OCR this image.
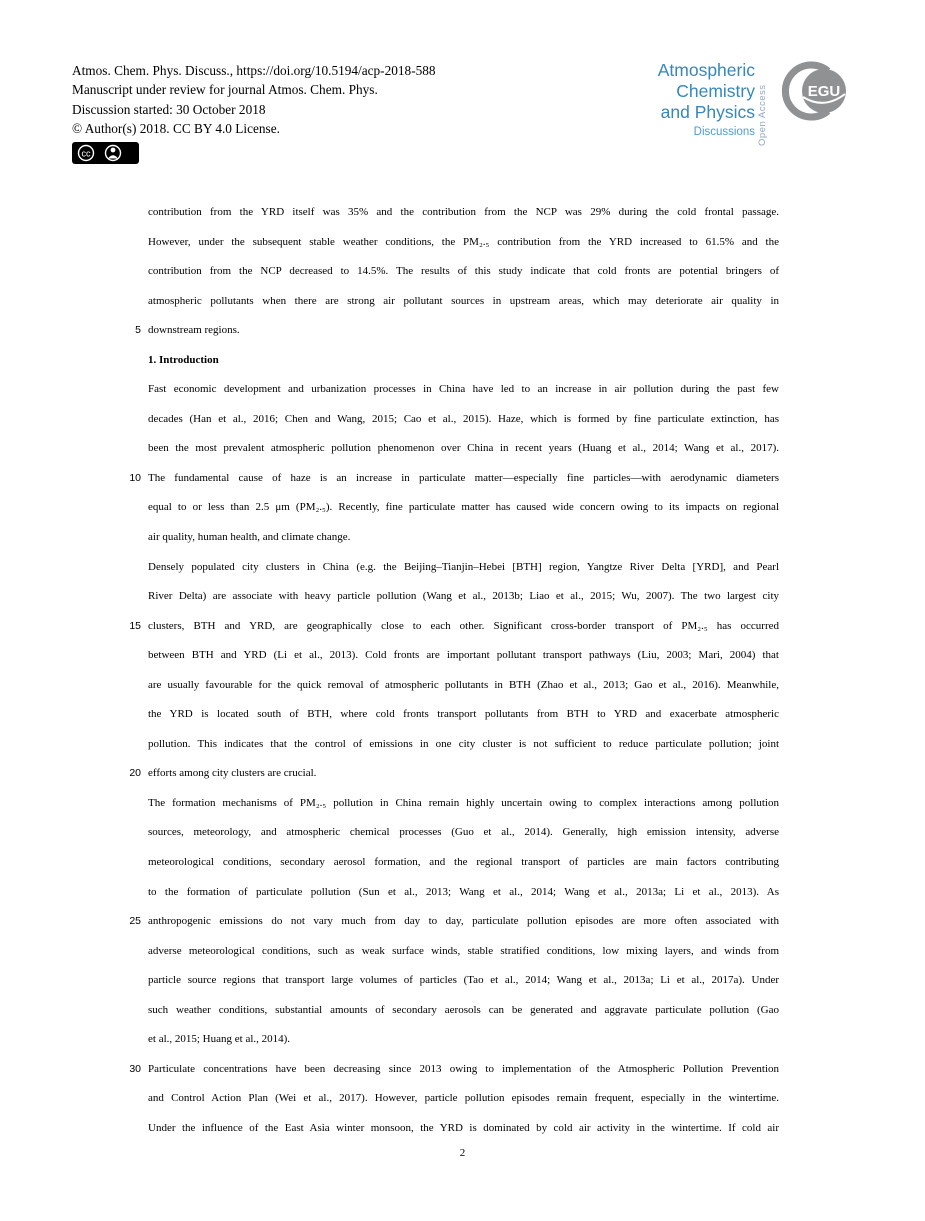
Atmos. Chem. Phys. Discuss., https://doi.org/10.5194/acp-2018-588
Manuscript under review for journal Atmos. Chem. Phys.
Discussion started: 30 October 2018
© Author(s) 2018. CC BY 4.0 License.
cc
Atmospheric
Chemistry
and Physics
Discussions Open Access	EGU
contribution from the YRD itself was 35% and the contribution from the NCP was 29% during the cold frontal passage.
However, under the subsequent stable weather conditions, the PM₂.₅ contribution from the YRD increased to 61.5% and the
contribution from the NCP decreased to 14.5%. The results of this study indicate that cold fronts are potential bringers of
atmospheric pollutants when there are strong air pollutant sources in upstream areas, which may deteriorate air quality in
5 downstream regions.
1. Introduction
Fast economic development and urbanization processes in China have led to an increase in air pollution during the past few
decades (Han et al., 2016; Chen and Wang, 2015; Cao et al., 2015). Haze, which is formed by fine particulate extinction, has
been the most prevalent atmospheric pollution phenomenon over China in recent years (Huang et al., 2014; Wang et al., 2017).
10 The fundamental cause of haze is an increase in particulate matter—especially fine particles—with aerodynamic diameters
equal to or less than 2.5 μm (PM₂.₅). Recently, fine particulate matter has caused wide concern owing to its impacts on regional
air quality, human health, and climate change.
Densely populated city clusters in China (e.g. the Beijing–Tianjin–Hebei [BTH] region, Yangtze River Delta [YRD], and Pearl
River Delta) are associate with heavy particle pollution (Wang et al., 2013b; Liao et al., 2015; Wu, 2007). The two largest city
15 clusters, BTH and YRD, are geographically close to each other. Significant cross-border transport of PM₂.₅ has occurred
between BTH and YRD (Li et al., 2013). Cold fronts are important pollutant transport pathways (Liu, 2003; Mari, 2004) that
are usually favourable for the quick removal of atmospheric pollutants in BTH (Zhao et al., 2013; Gao et al., 2016). Meanwhile,
the YRD is located south of BTH, where cold fronts transport pollutants from BTH to YRD and exacerbate atmospheric
pollution. This indicates that the control of emissions in one city cluster is not sufficient to reduce particulate pollution; joint
20 efforts among city clusters are crucial.
The formation mechanisms of PM₂.₅ pollution in China remain highly uncertain owing to complex interactions among pollution
sources, meteorology, and atmospheric chemical processes (Guo et al., 2014). Generally, high emission intensity, adverse
meteorological conditions, secondary aerosol formation, and the regional transport of particles are main factors contributing
to the formation of particulate pollution (Sun et al., 2013; Wang et al., 2014; Wang et al., 2013a; Li et al., 2013). As
25 anthropogenic emissions do not vary much from day to day, particulate pollution episodes are more often associated with
adverse meteorological conditions, such as weak surface winds, stable stratified conditions, low mixing layers, and winds from
particle source regions that transport large volumes of particles (Tao et al., 2014; Wang et al., 2013a; Li et al., 2017a). Under
such weather conditions, substantial amounts of secondary aerosols can be generated and aggravate particulate pollution (Gao
et al., 2015; Huang et al., 2014).
30 Particulate concentrations have been decreasing since 2013 owing to implementation of the Atmospheric Pollution Prevention
and Control Action Plan (Wei et al., 2017). However, particle pollution episodes remain frequent, especially in the wintertime.
Under the influence of the East Asia winter monsoon, the YRD is dominated by cold air activity in the wintertime. If cold air
2
